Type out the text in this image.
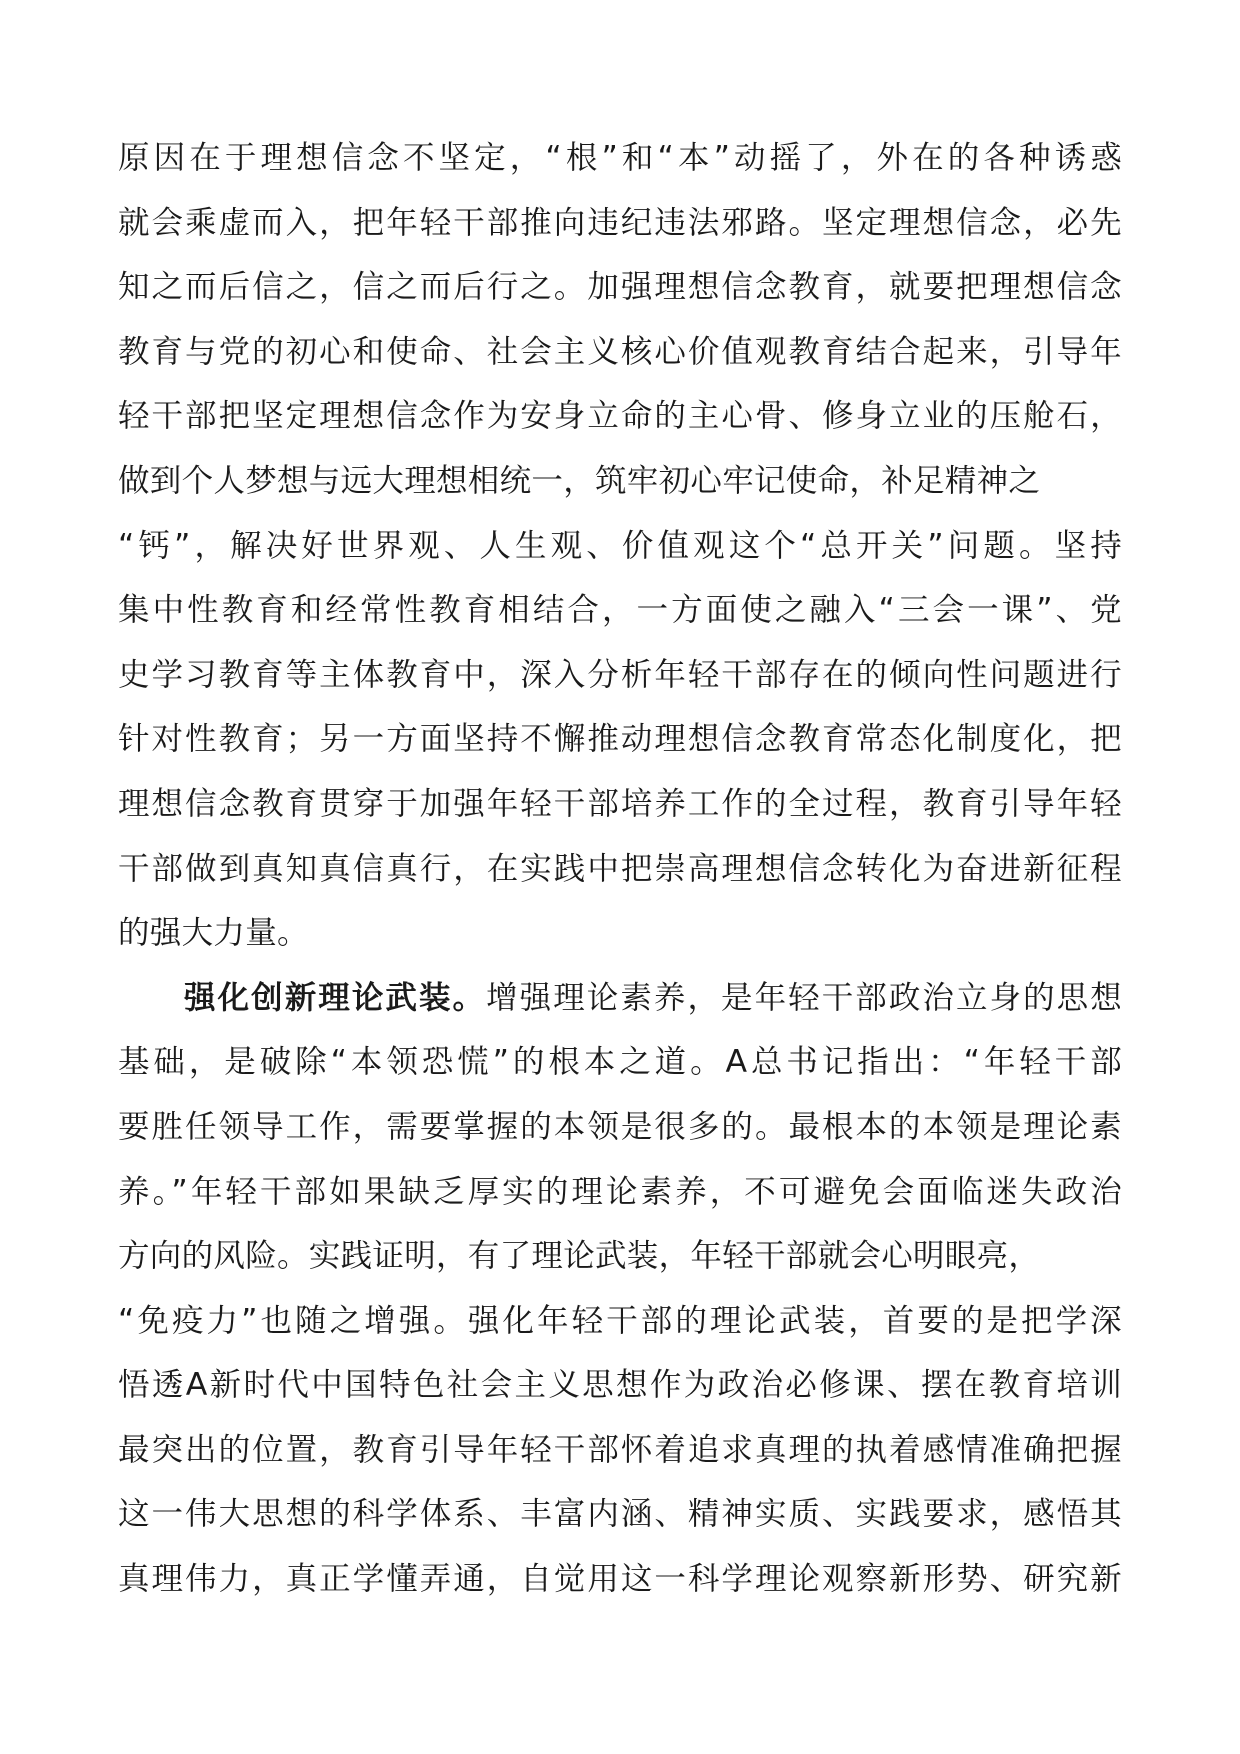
原因在于理想信念不坚定，“根”和“本”动摇了，外在的各种诱惑
就会乘虚而入，把年轻干部推向违纪违法邪路。坚定理想信念，必先
知之而后信之，信之而后行之。加强理想信念教育，就要把理想信念
教育与党的初心和使命、社会主义核心价值观教育结合起来，引导年
轻干部把坚定理想信念作为安身立命的主心骨、修身立业的压舱石，
做到个人梦想与远大理想相统一，筑牢初心牢记使命，补足精神之
“钙”，解决好世界观、人生观、价值观这个“总开关”问题。坚持
集中性教育和经常性教育相结合，一方面使之融入“三会一课”、党
史学习教育等主体教育中，深入分析年轻干部存在的倾向性问题进行
针对性教育；另一方面坚持不懈推动理想信念教育常态化制度化，把
理想信念教育贯穿于加强年轻干部培养工作的全过程，教育引导年轻
干部做到真知真信真行，在实践中把崇高理想信念转化为奋进新征程
的强大力量。
强化创新理论武装。增强理论素养，是年轻干部政治立身的思想
基础，是破除“本领恐慌”的根本之道。A总书记指出：“年轻干部
要胜任领导工作，需要掌握的本领是很多的。最根本的本领是理论素
养。”年轻干部如果缺乏厚实的理论素养，不可避免会面临迷失政治
方向的风险。实践证明，有了理论武装，年轻干部就会心明眼亮，
“免疫力”也随之增强。强化年轻干部的理论武装，首要的是把学深
悟透A新时代中国特色社会主义思想作为政治必修课、摆在教育培训
最突出的位置，教育引导年轻干部怀着追求真理的执着感情准确把握
这一伟大思想的科学体系、丰富内涵、精神实质、实践要求，感悟其
真理伟力，真正学懂弄通，自觉用这一科学理论观察新形势、研究新
